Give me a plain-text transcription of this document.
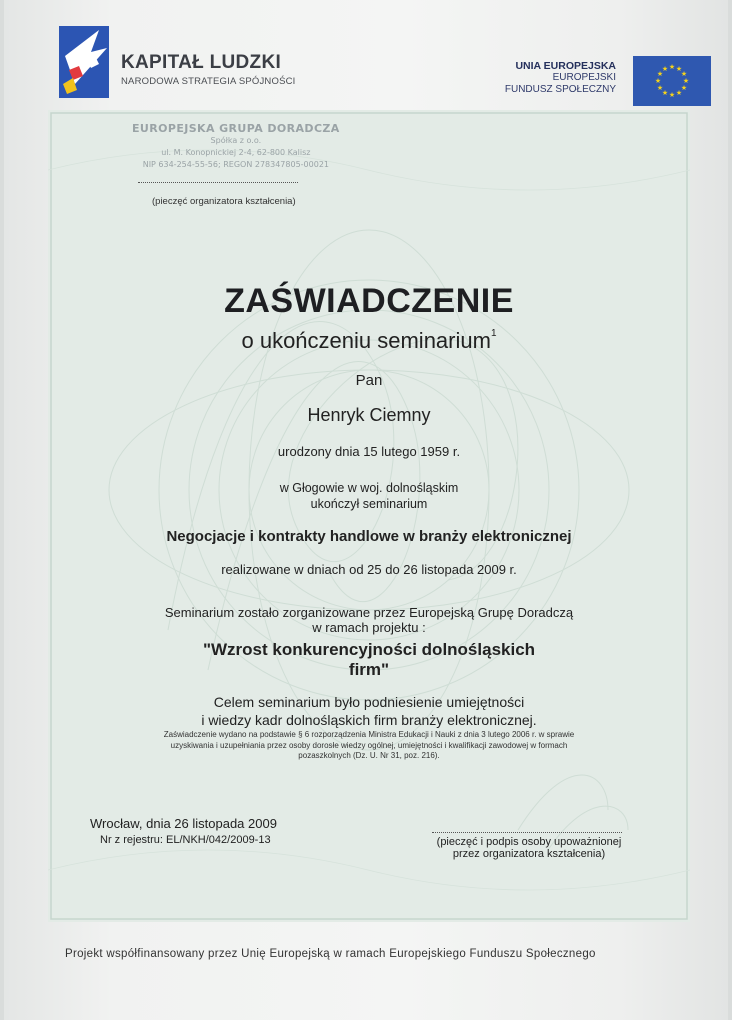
KAPITAŁ LUDZKI
NARODOWA STRATEGIA SPÓJNOŚCI
UNIA EUROPEJSKA
EUROPEJSKI
FUNDUSZ SPOŁECZNY
★ ★
★
★
★
★
★
★
★
★
★
★
EUROPEJSKA GRUPA DORADCZA
Spółka z o.o.
ul. M. Konopnickiej 2-4, 62-800 Kalisz
NIP 634-254-55-56; REGON 278347805-00021
(pieczęć organizatora kształcenia)
ZAŚWIADCZENIE
o ukończeniu seminarium$^1$
Pan
Henryk Ciemny
urodzony dnia 15 lutego 1959 r.
w Głogowie w woj. dolnośląskim
ukończył seminarium
Negocjacje i kontrakty handlowe w branży elektronicznej
realizowane w dniach od 25 do 26 listopada 2009 r.
Seminarium zostało zorganizowane przez Europejską Grupę Doradczą
w ramach projektu :
"Wzrost konkurencyjności dolnośląskich
firm"
Celem seminarium było podniesienie umiejętności
i wiedzy kadr dolnośląskich firm branży elektronicznej.
Zaświadczenie wydano na podstawie § 6 rozporządzenia Ministra Edukacji i Nauki z dnia 3 lutego 2006 r. w sprawie
uzyskiwania i uzupełniania przez osoby dorosłe wiedzy ogólnej, umiejętności i kwalifikacji zawodowej w formach
pozaszkolnych (Dz. U. Nr 31, poz. 216).
Wrocław, dnia 26 listopada 2009
Nr z rejestru: EL/NKH/042/2009-13	(pieczęć i podpis osoby upoważnionej
przez organizatora kształcenia)
Projekt współfinansowany przez Unię Europejską w ramach Europejskiego Funduszu Społecznego
